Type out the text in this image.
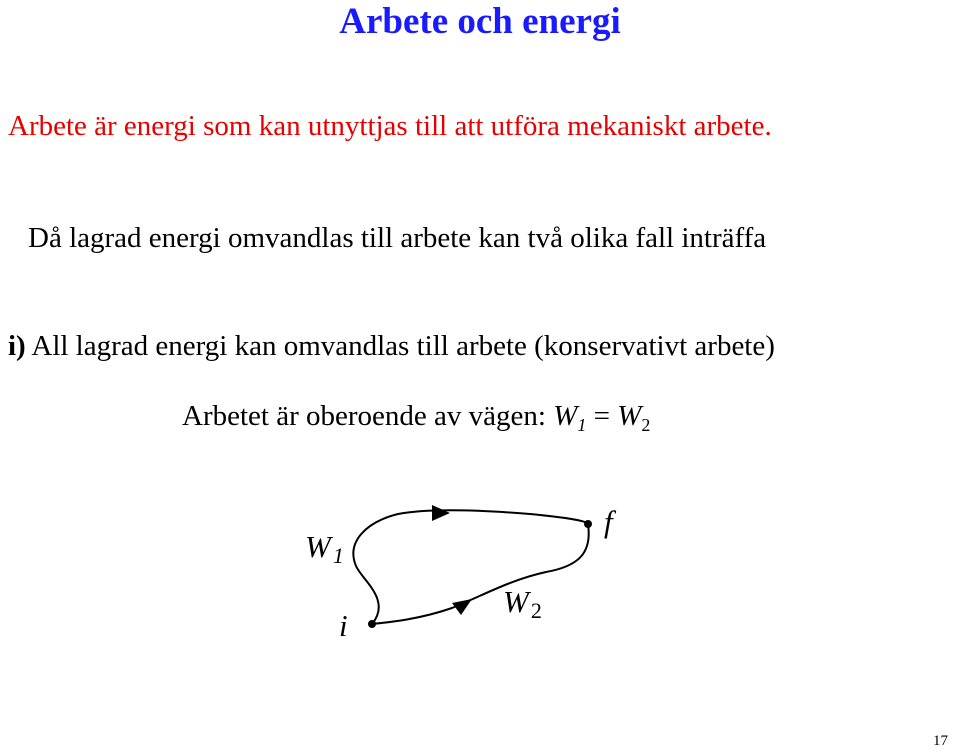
Arbete och energi
Arbete är energi som kan utnyttjas till att utföra mekaniskt arbete.
Då lagrad energi omvandlas till arbete kan två olika fall inträffa
i) All lagrad energi kan omvandlas till arbete (konservativt arbete)
Arbetet är oberoende av vägen: $W_1 = W_2$
W1
W2
i
f
17
